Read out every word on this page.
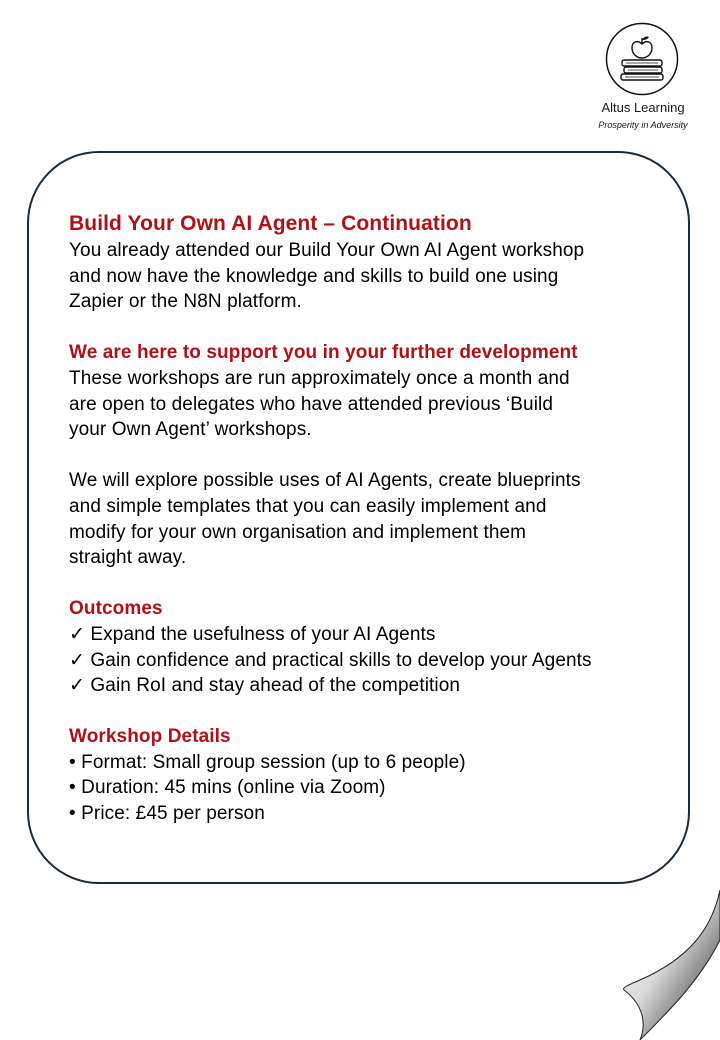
Altus Learning
Prosperity in Adversity

Build Your Own AI Agent – Continuation

You already attended our Build Your Own AI Agent workshop

and now have the knowledge and skills to build one using

Zapier or the N8N platform.

We are here to support you in your further development

These workshops are run approximately once a month and

are open to delegates who have attended previous ‘Build

your Own Agent’ workshops.

We will explore possible uses of AI Agents, create blueprints

and simple templates that you can easily implement and

modify for your own organisation and implement them

straight away.

Outcomes

✓ Expand the usefulness of your AI Agents

✓ Gain confidence and practical skills to develop your Agents

✓ Gain RoI and stay ahead of the competition

Workshop Details

• Format: Small group session (up to 6 people)

• Duration: 45 mins (online via Zoom)

• Price: £45 per person
